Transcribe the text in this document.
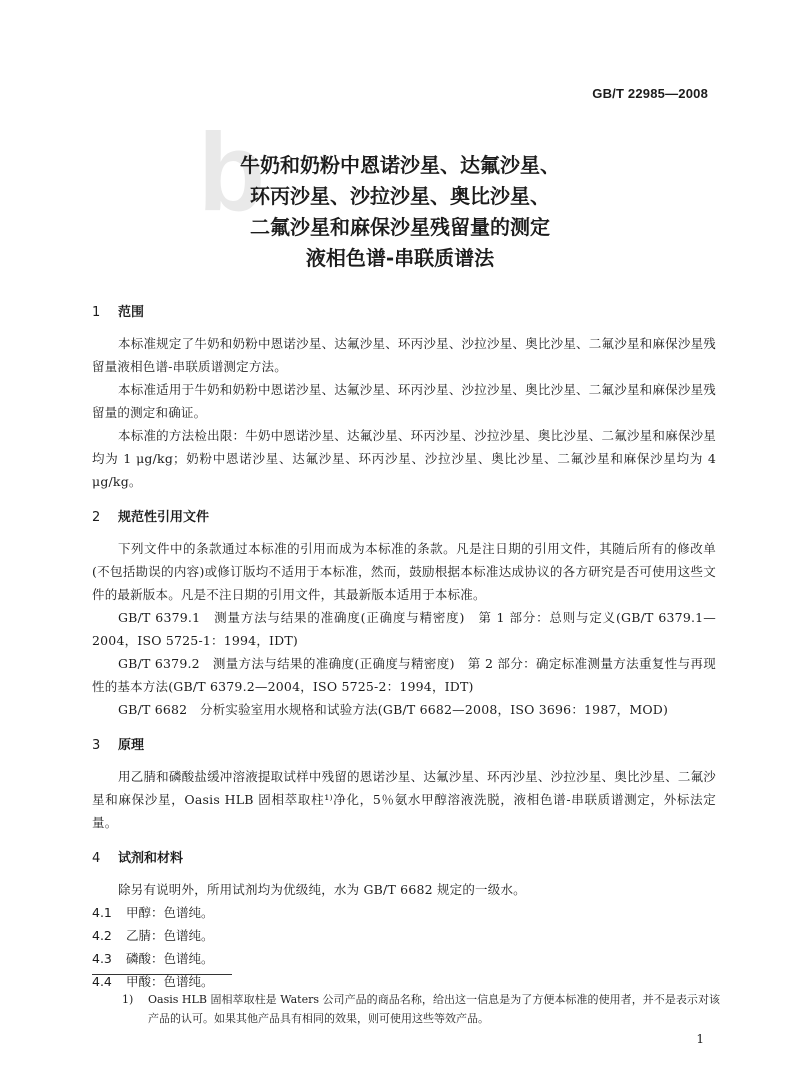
GB/T 22985—2008
b
牛奶和奶粉中恩诺沙星、达氟沙星、
环丙沙星、沙拉沙星、奥比沙星、
二氟沙星和麻保沙星残留量的测定
液相色谱-串联质谱法
1 范围

本标准规定了牛奶和奶粉中恩诺沙星、达氟沙星、环丙沙星、沙拉沙星、奥比沙星、二氟沙星和麻保沙星残留量液相色谱-串联质谱测定方法。

本标准适用于牛奶和奶粉中恩诺沙星、达氟沙星、环丙沙星、沙拉沙星、奥比沙星、二氟沙星和麻保沙星残留量的测定和确证。

本标准的方法检出限：牛奶中恩诺沙星、达氟沙星、环丙沙星、沙拉沙星、奥比沙星、二氟沙星和麻保沙星均为 1 μg/kg；奶粉中恩诺沙星、达氟沙星、环丙沙星、沙拉沙星、奥比沙星、二氟沙星和麻保沙星均为 4 μg/kg。

2 规范性引用文件

下列文件中的条款通过本标准的引用而成为本标准的条款。凡是注日期的引用文件，其随后所有的修改单(不包括勘误的内容)或修订版均不适用于本标准，然而，鼓励根据本标准达成协议的各方研究是否可使用这些文件的最新版本。凡是不注日期的引用文件，其最新版本适用于本标准。

GB/T 6379.1　测量方法与结果的准确度(正确度与精密度)　第 1 部分：总则与定义(GB/T 6379.1—2004，ISO 5725-1：1994，IDT)

GB/T 6379.2　测量方法与结果的准确度(正确度与精密度)　第 2 部分：确定标准测量方法重复性与再现性的基本方法(GB/T 6379.2—2004，ISO 5725-2：1994，IDT)

GB/T 6682　分析实验室用水规格和试验方法(GB/T 6682—2008，ISO 3696：1987，MOD)

3 原理

用乙腈和磷酸盐缓冲溶液提取试样中残留的恩诺沙星、达氟沙星、环丙沙星、沙拉沙星、奥比沙星、二氟沙星和麻保沙星，Oasis HLB 固相萃取柱¹⁾净化，5％氨水甲醇溶液洗脱，液相色谱-串联质谱测定，外标法定量。

4 试剂和材料

除另有说明外，所用试剂均为优级纯，水为 GB/T 6682 规定的一级水。

4.1 甲醇：色谱纯。

4.2 乙腈：色谱纯。

4.3 磷酸：色谱纯。

4.4 甲酸：色谱纯。

1) Oasis HLB 固相萃取柱是 Waters 公司产品的商品名称，给出这一信息是为了方便本标准的使用者，并不是表示对该产品的认可。如果其他产品具有相同的效果，则可使用这些等效产品。
1
